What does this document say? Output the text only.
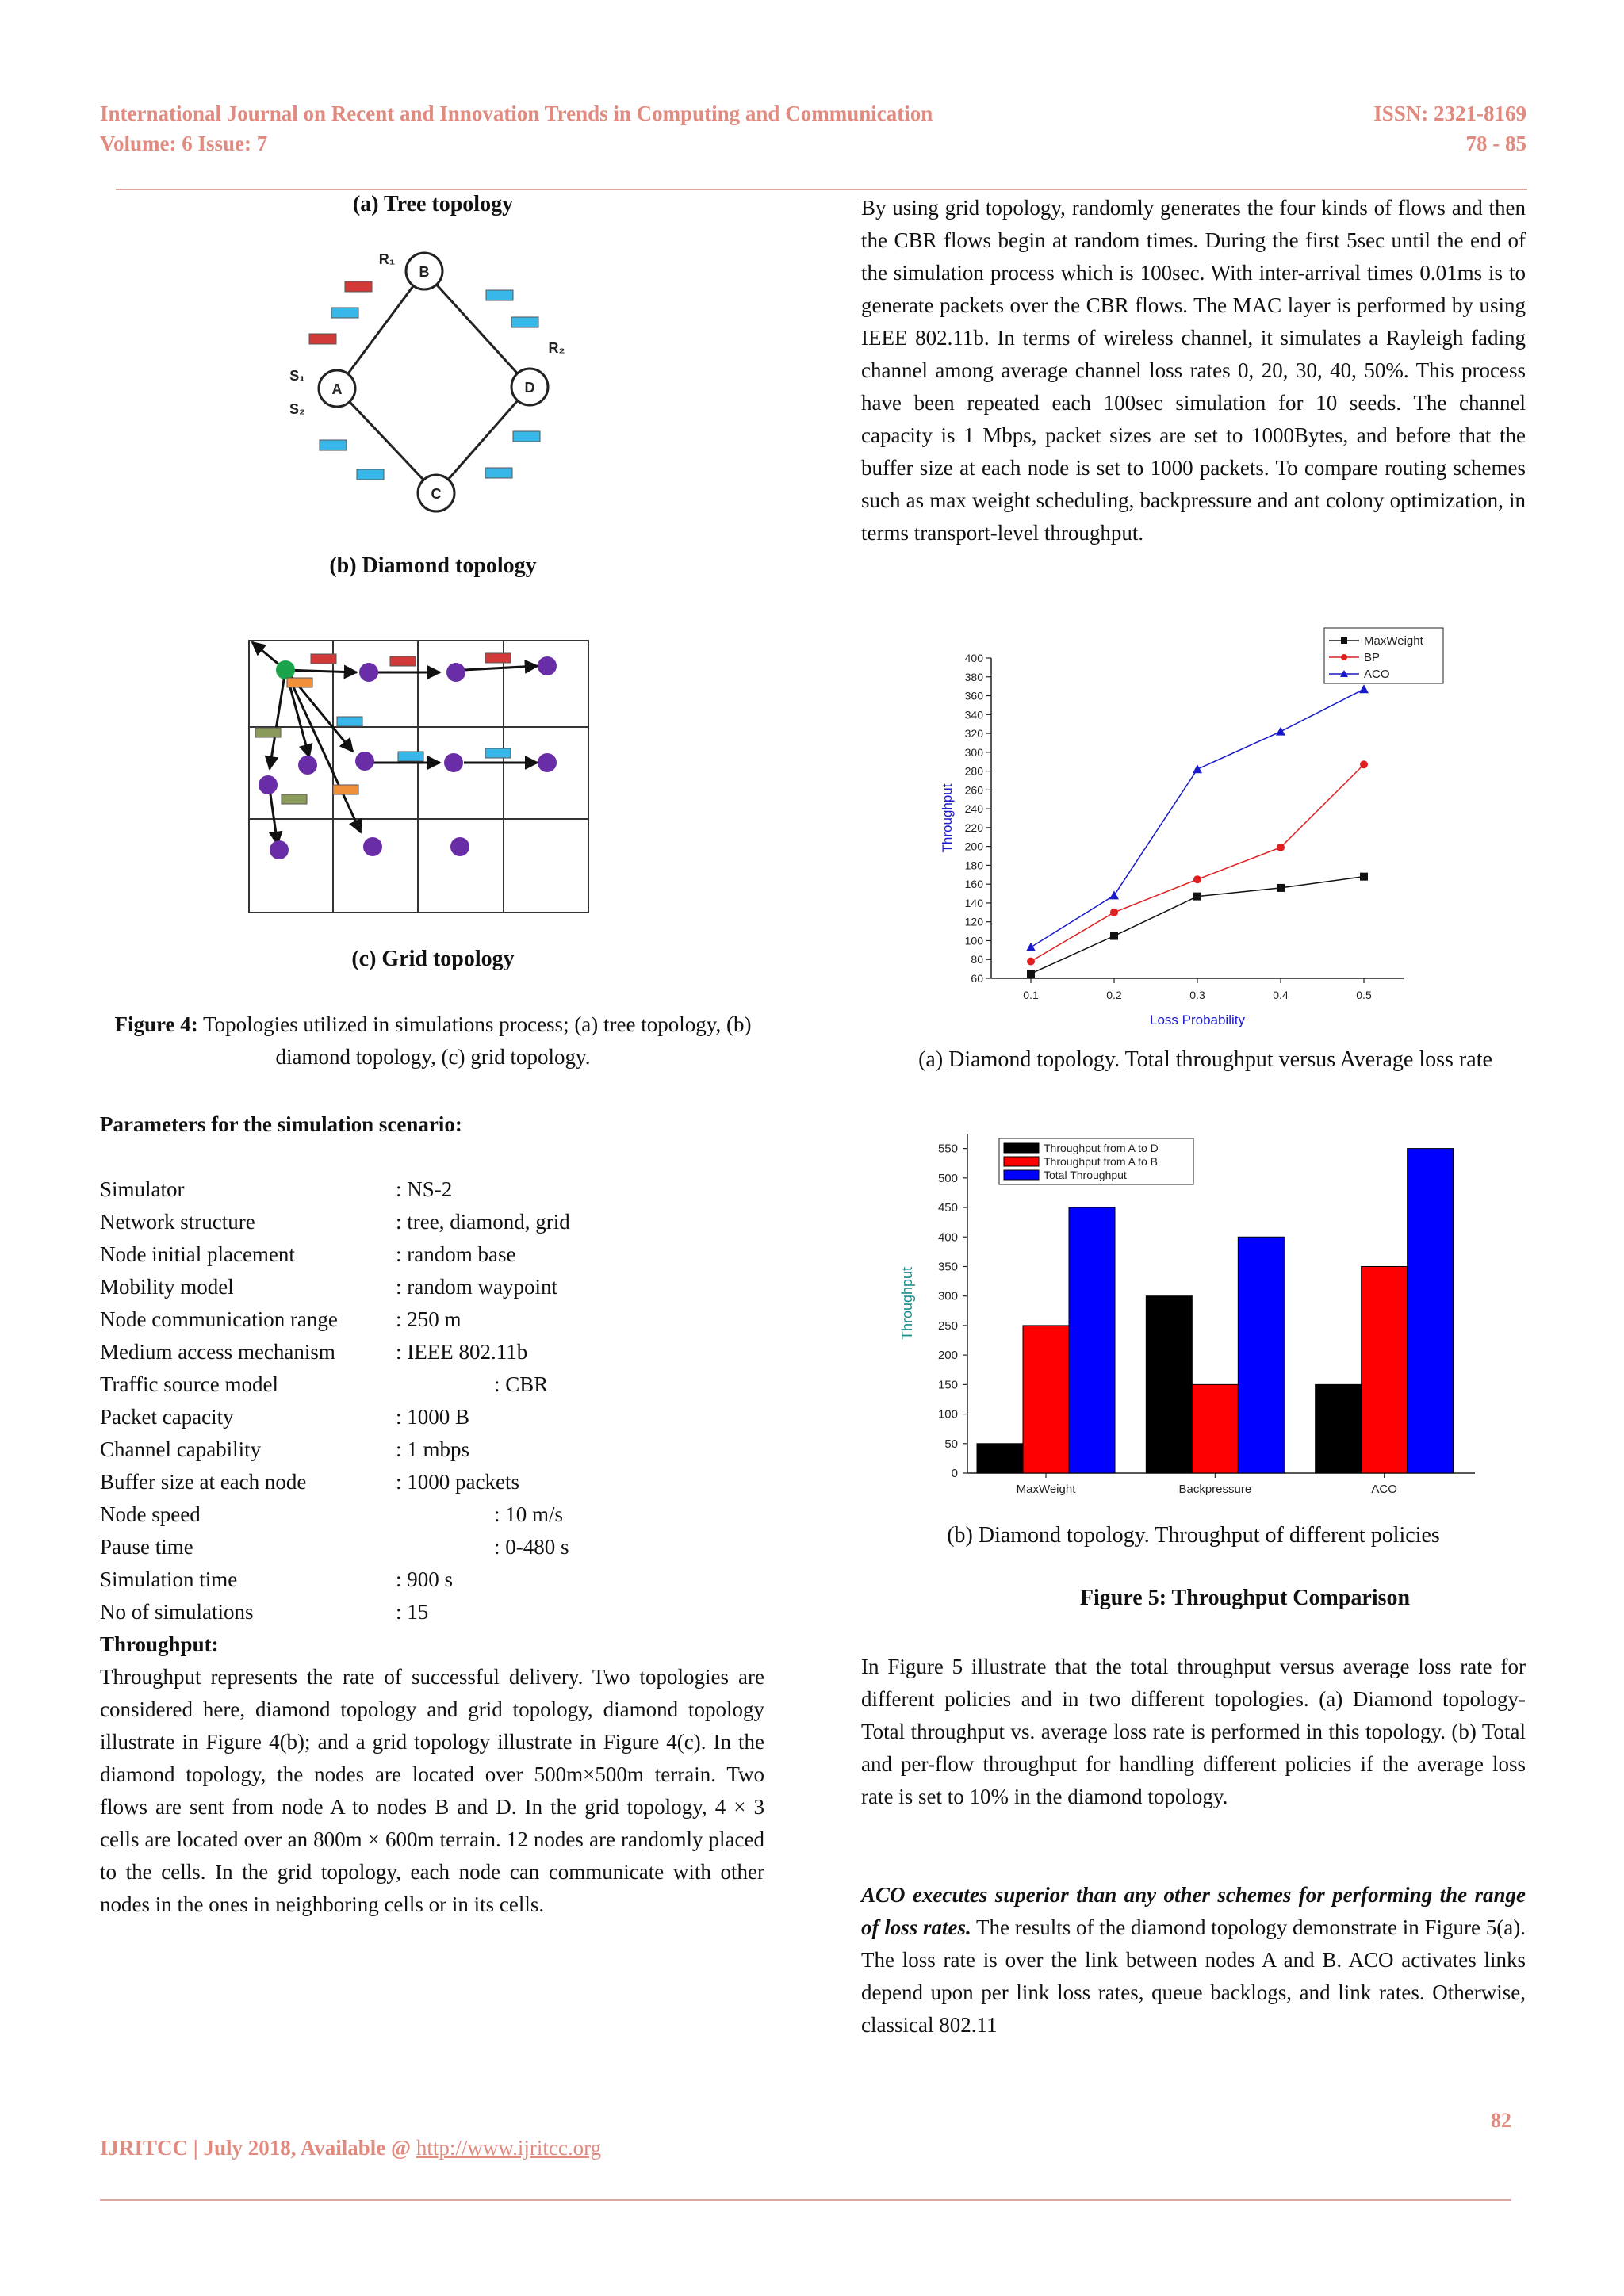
International Journal on Recent and Innovation Trends in Computing and Communication
Volume: 6 Issue: 7
ISSN: 2321-8169
78 - 85
(a) Tree topology
B
A	D
C
R₁
R₂
S₁
S₂
(b) Diamond topology
(c) Grid topology
Figure 4: Topologies utilized in simulations process; (a) tree topology, (b) diamond topology, (c) grid topology.
Parameters for the simulation scenario:
Simulator	: NS-2
Network structure	: tree, diamond, grid
Node initial placement	: random base
Mobility model	: random waypoint
Node communication range	: 250 m
Medium access mechanism	: IEEE 802.11b
Traffic source model	: CBR
Packet capacity	: 1000 B
Channel capability	: 1 mbps
Buffer size at each node	: 1000 packets
Node speed	: 10 m/s
Pause time	: 0-480 s
Simulation time	: 900 s
No of simulations	: 15
Throughput:
Throughput represents the rate of successful delivery. Two topologies are considered here, diamond topology and grid topology, diamond topology illustrate in Figure 4(b); and a grid topology illustrate in Figure 4(c). In the diamond topology, the nodes are located over 500m×500m terrain. Two flows are sent from node A to nodes B and D. In the grid topology, 4 × 3 cells are located over an 800m × 600m terrain. 12 nodes are randomly placed to the cells. In the grid topology, each node can communicate with other nodes in the ones in neighboring cells or in its cells.
By using grid topology, randomly generates the four kinds of flows and then the CBR flows begin at random times. During the first 5sec until the end of the simulation process which is 100sec. With inter-arrival times 0.01ms is to generate packets over the CBR flows. The MAC layer is performed by using IEEE 802.11b. In terms of wireless channel, it simulates a Rayleigh fading channel among average channel loss rates 0, 20, 30, 40, 50%. This process have been repeated each 100sec simulation for 10 seeds. The channel capacity is 1 Mbps, packet sizes are set to 1000Bytes, and before that the buffer size at each node is set to 1000 packets. To compare routing schemes such as max weight scheduling, backpressure and ant colony optimization, in terms transport-level throughput.
60
80
100
120
140
160
180
200
220
240
260
280
300
320
340
360
380
400
0.1	0.2	0.3	0.4	0.5
Loss Probability
Throughput
MaxWeight
BP
ACO
(a) Diamond topology. Total throughput versus Average loss rate
0
50
100
150
200
250
300
350
400
450
500
550
Throughput
MaxWeight	Backpressure	ACO
Throughput from A to D
Throughput from A to B
Total Throughput
(b) Diamond topology. Throughput of different policies
Figure 5: Throughput Comparison
In Figure 5 illustrate that the total throughput versus average loss rate for different policies and in two different topologies. (a) Diamond topology- Total throughput vs. average loss rate is performed in this topology. (b) Total and per-flow throughput for handling different policies if the average loss rate is set to 10% in the diamond topology.
ACO executes superior than any other schemes for performing the range of loss rates. The results of the diamond topology demonstrate in Figure 5(a). The loss rate is over the link between nodes A and B. ACO activates links depend upon per link loss rates, queue backlogs, and link rates. Otherwise, classical 802.11
82
IJRITCC | July 2018, Available @ http://www.ijritcc.org
